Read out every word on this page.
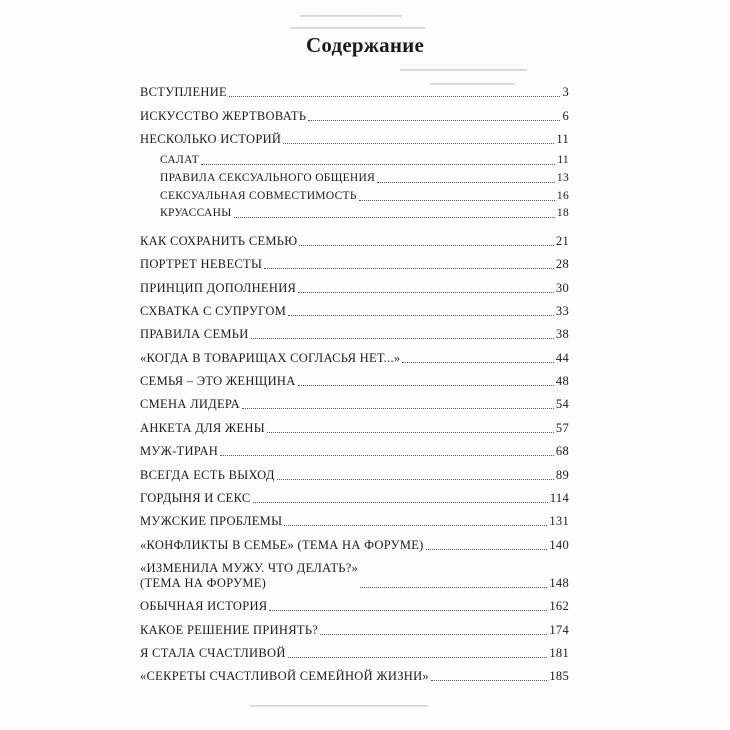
▁▁▁▁▁▁▁▁▁▁▁▁
▁▁▁▁▁▁▁▁▁▁▁▁▁▁▁▁
▁▁▁▁▁▁▁▁▁▁▁▁▁▁▁
▁▁▁▁▁▁▁▁▁▁
▁▁▁▁▁▁▁▁▁▁▁▁▁▁▁▁▁▁▁▁▁
Содержание
ВСТУПЛЕНИЕ	3
ИСКУССТВО ЖЕРТВОВАТЬ	6
НЕСКОЛЬКО ИСТОРИЙ	11
САЛАТ	11
ПРАВИЛА СЕКСУАЛЬНОГО ОБЩЕНИЯ	13
СЕКСУАЛЬНАЯ СОВМЕСТИМОСТЬ	16
КРУАССАНЫ	18
КАК СОХРАНИТЬ СЕМЬЮ	21
ПОРТРЕТ НЕВЕСТЫ	28
ПРИНЦИП ДОПОЛНЕНИЯ	30
СХВАТКА С СУПРУГОМ	33
ПРАВИЛА СЕМЬИ	38
«КОГДА В ТОВАРИЩАХ СОГЛАСЬЯ НЕТ...»	44
СЕМЬЯ – ЭТО ЖЕНЩИНА	48
СМЕНА ЛИДЕРА	54
АНКЕТА ДЛЯ ЖЕНЫ	57
МУЖ-ТИРАН	68
ВСЕГДА ЕСТЬ ВЫХОД	89
ГОРДЫНЯ И СЕКС	114
МУЖСКИЕ ПРОБЛЕМЫ	131
«КОНФЛИКТЫ В СЕМЬЕ» (ТЕМА НА ФОРУМЕ)	140
«ИЗМЕНИЛА МУЖУ. ЧТО ДЕЛАТЬ?»
(ТЕМА НА ФОРУМЕ)	148
ОБЫЧНАЯ ИСТОРИЯ	162
КАКОЕ РЕШЕНИЕ ПРИНЯТЬ?	174
Я СТАЛА СЧАСТЛИВОЙ	181
«СЕКРЕТЫ СЧАСТЛИВОЙ СЕМЕЙНОЙ ЖИЗНИ»	185
